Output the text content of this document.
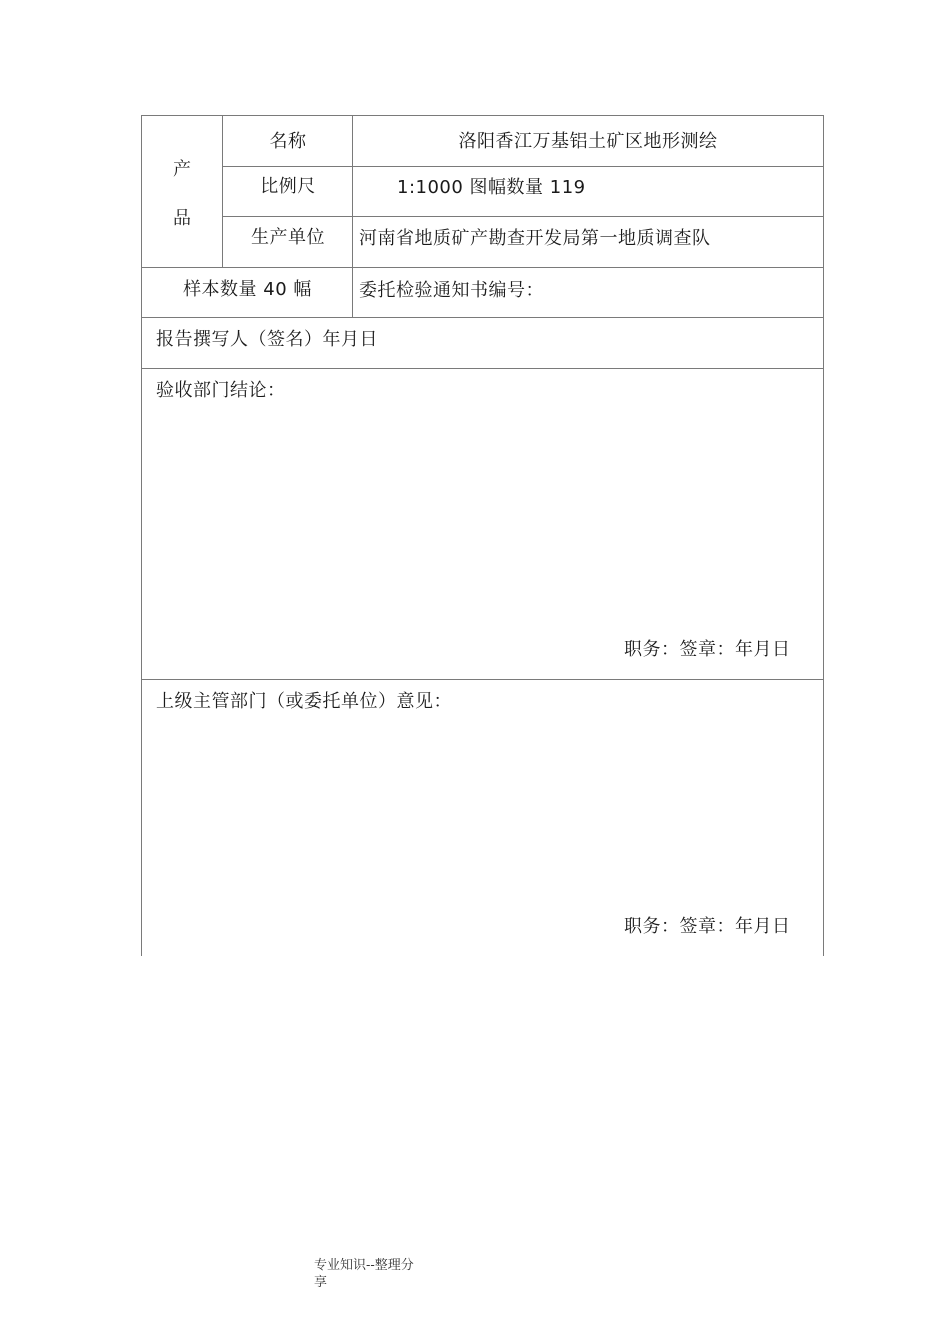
产
品
名称	洛阳香江万基铝土矿区地形测绘
比例尺	1:1000 图幅数量 119
生产单位	河南省地质矿产勘查开发局第一地质调查队
样本数量 40 幅	委托检验通知书编号：
报告撰写人（签名）年月日
验收部门结论：
职务：签章：年月日
上级主管部门（或委托单位）意见：
职务：签章：年月日
专业知识--整理分享
